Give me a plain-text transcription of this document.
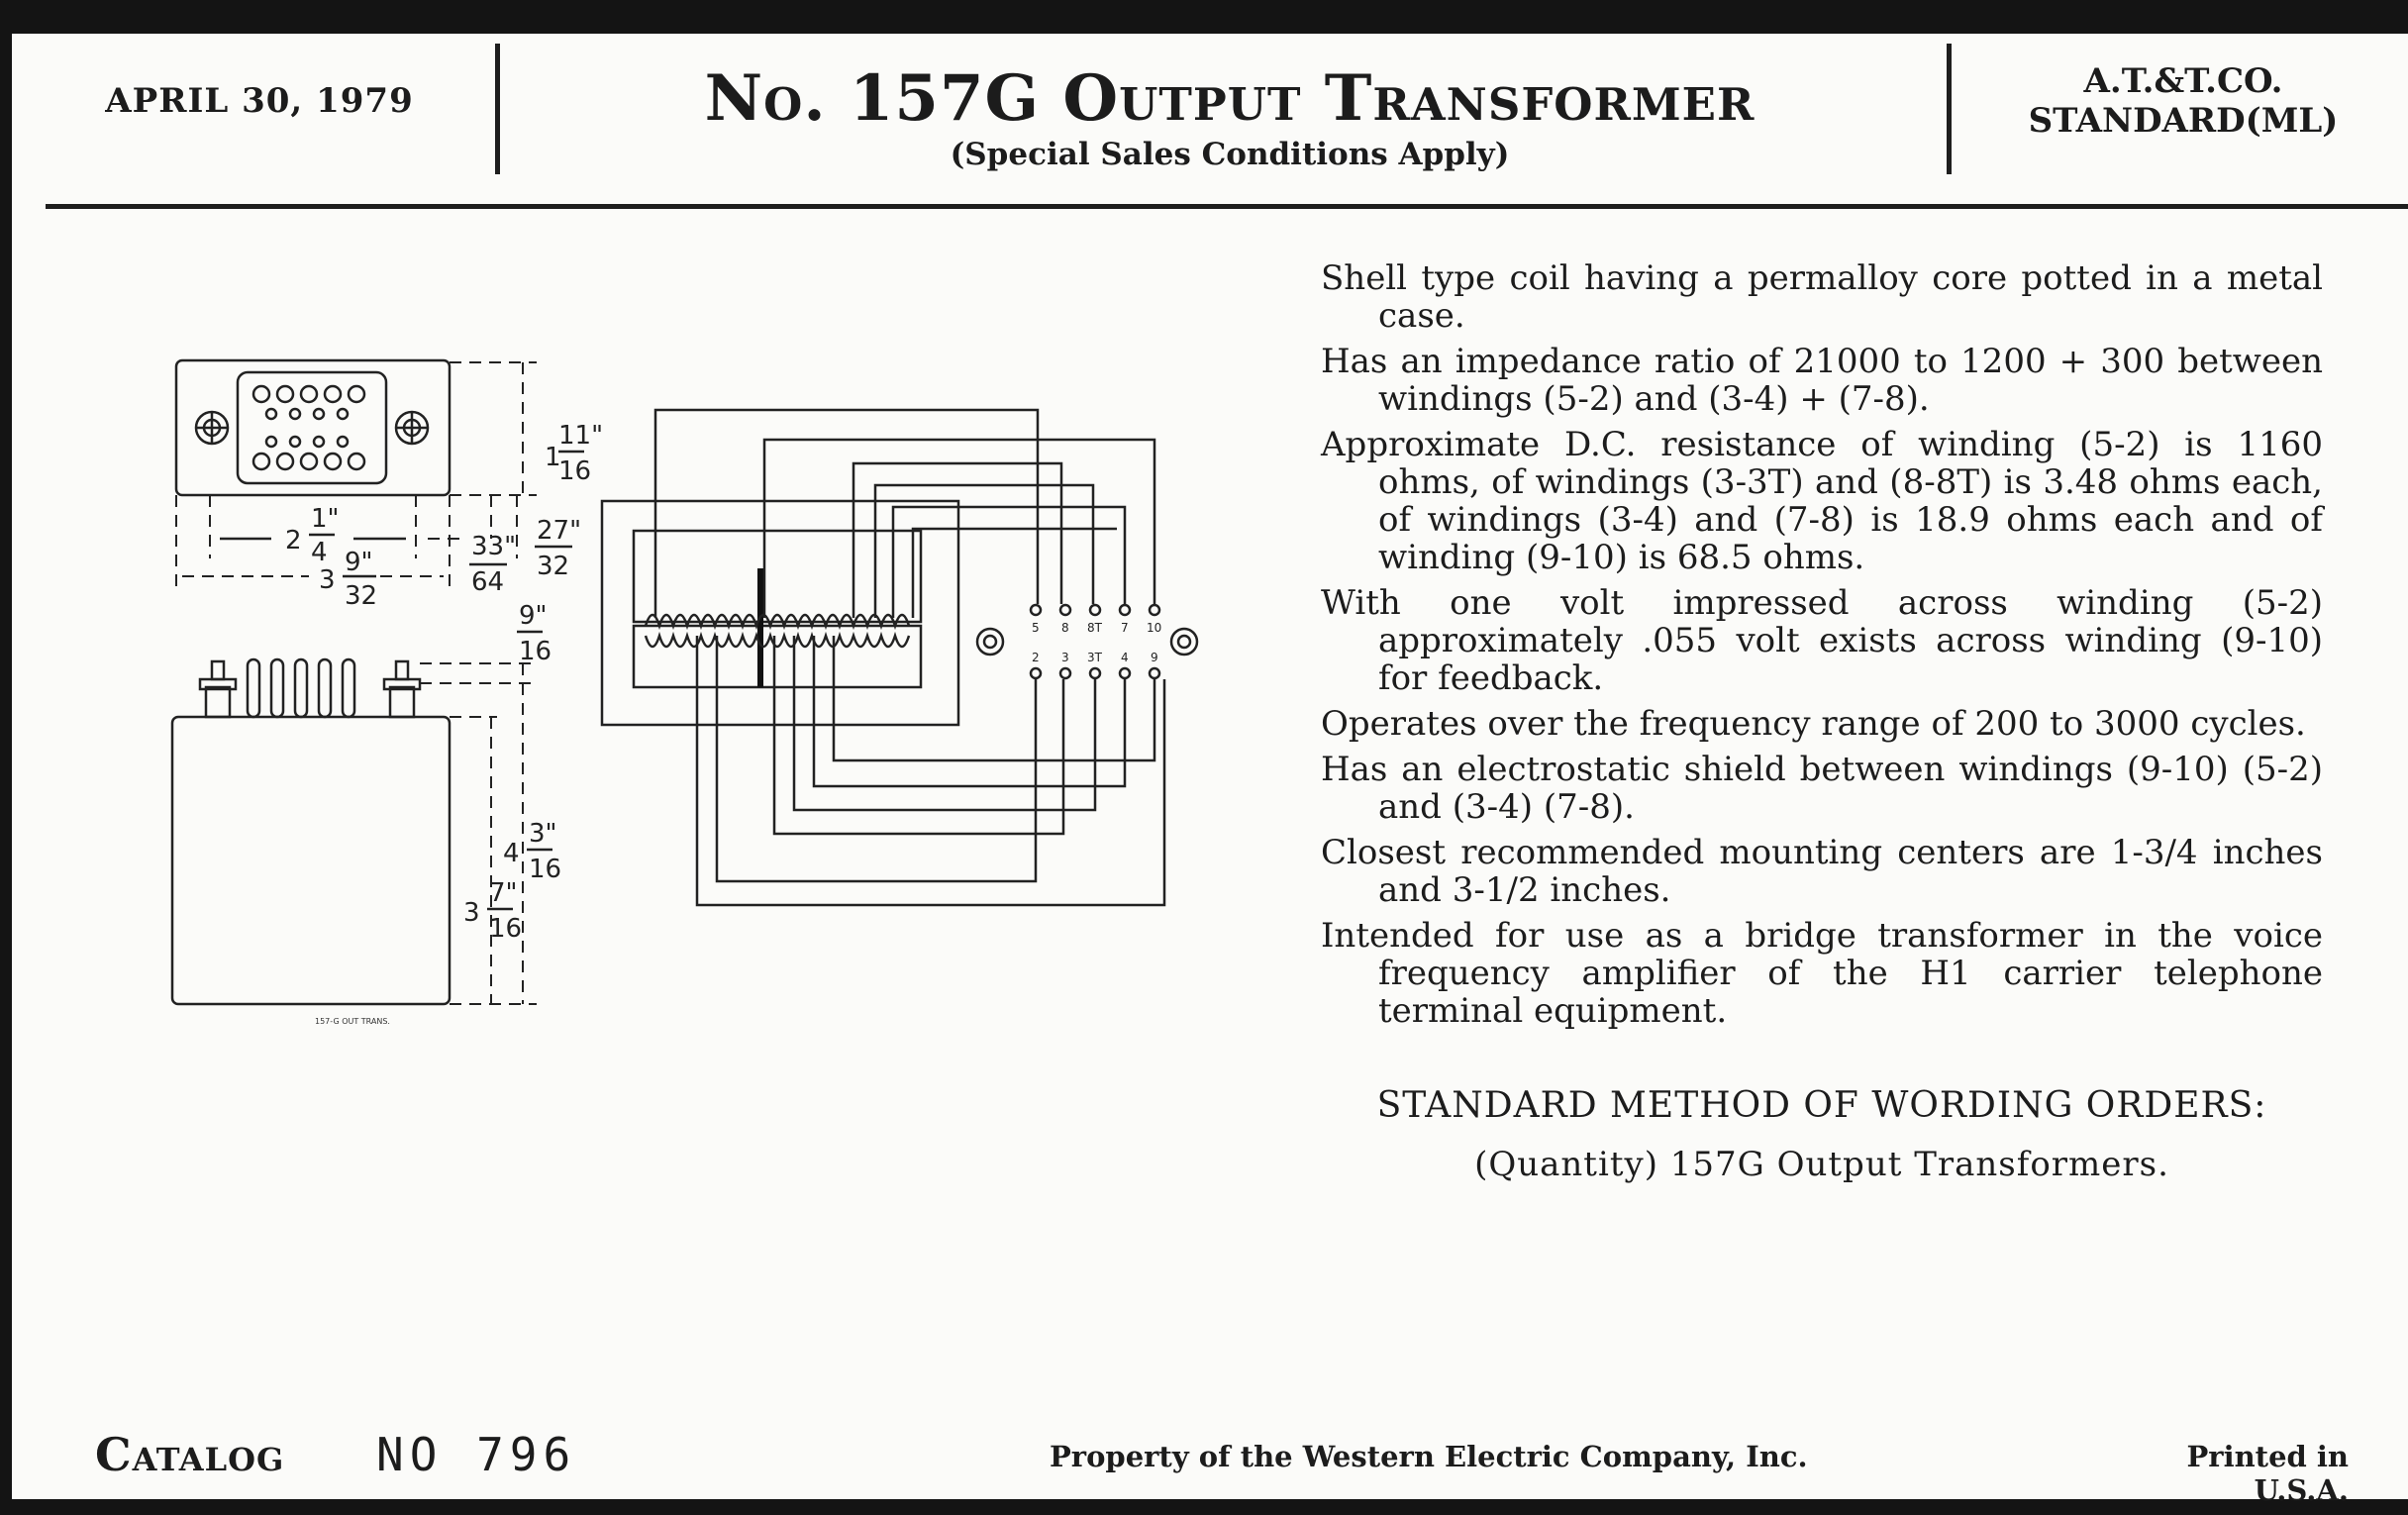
APRIL 30, 1979	No. 157G Output Transformer
(Special Sales Conditions Apply)
A.T.&T.CO.
STANDARD(ML)
1
11"
16
2
1"
4
3
9"
32
33"
64
27"
32
9"
16
4
3"
16
3
7"
16
157-G OUT TRANS.
5 8 8T 7 10
2 3 3T 4 9

Shell type coil having a permalloy core potted in a metal case.

Has an impedance ratio of 21000 to 1200 + 300 between windings (5-2) and (3-4) + (7-8).

Approximate D.C. resistance of winding (5-2) is 1160 ohms, of windings (3-3T) and (8-8T) is 3.48 ohms each, of windings (3-4) and (7-8) is 18.9 ohms each and of winding (9-10) is 68.5 ohms.

With one volt impressed across winding (5-2) approximately .055 volt exists across winding (9-10) for feedback.

Operates over the frequency range of 200 to 3000 cycles.

Has an electrostatic shield between windings (9-10) (5-2) and (3-4) (7-8).

Closest recommended mounting centers are 1-3/4 inches and 3-1/2 inches.

Intended for use as a bridge transformer in the voice frequency amplifier of the H1 carrier telephone terminal equipment.

STANDARD METHOD OF WORDING ORDERS:
(Quantity) 157G Output Transformers.
Catalog NO 796	Property of the Western Electric Company, Inc.	Printed in U.S.A.
